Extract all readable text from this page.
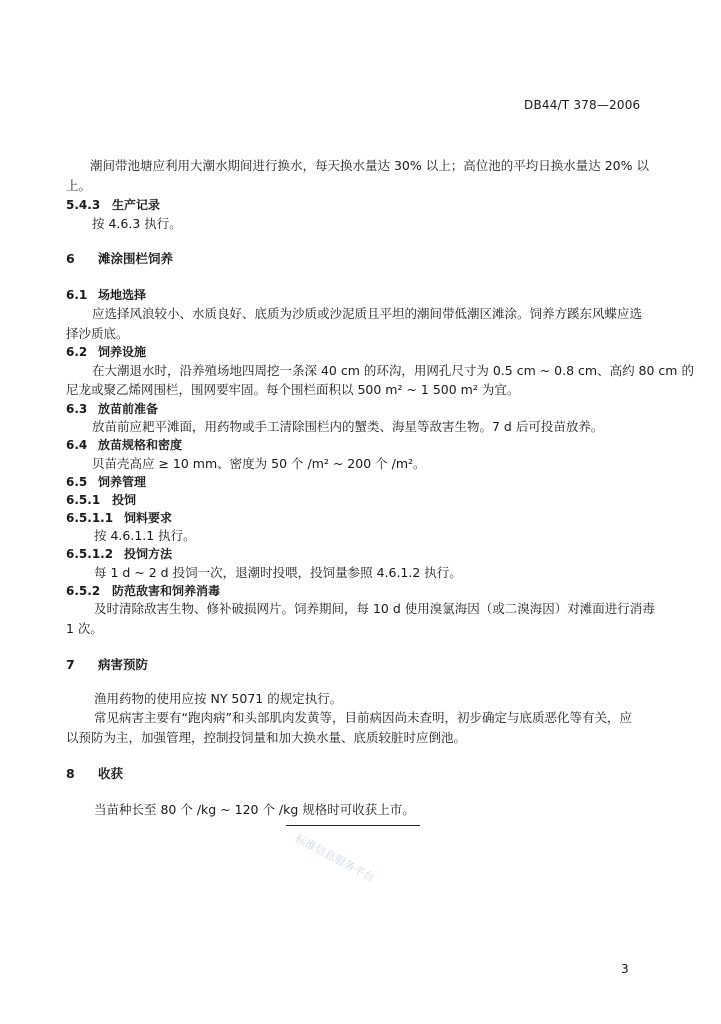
DB44/T 378—2006
潮间带池塘应利用大潮水期间进行换水，每天换水量达 30% 以上；高位池的平均日换水量达 20% 以
上。
5.4.3 生产记录
按 4.6.3 执行。
6 滩涂围栏饲养
6.1 场地选择
应选择风浪较小、水质良好、底质为沙质或沙泥质且平坦的潮间带低潮区滩涂。饲养方蹊东风蝶应选
择沙质底。
6.2 饲养设施
在大潮退水时，沿养殖场地四周挖一条深 40 cm 的环沟，用网孔尺寸为 0.5 cm ~ 0.8 cm、高约 80 cm 的
尼龙或聚乙烯网围栏，围网要牢固。每个围栏面积以 500 m² ~ 1 500 m² 为宜。
6.3 放苗前准备
放苗前应耙平滩面，用药物或手工清除围栏内的蟹类、海星等敌害生物。7 d 后可投苗放养。
6.4 放苗规格和密度
贝苗壳高应 ≥ 10 mm、密度为 50 个 /m² ~ 200 个 /m²。
6.5 饲养管理
6.5.1 投饲
6.5.1.1 饲料要求
按 4.6.1.1 执行。
6.5.1.2 投饲方法
每 1 d ~ 2 d 投饲一次，退潮时投喂，投饲量参照 4.6.1.2 执行。
6.5.2 防范敌害和饲养消毒
及时清除敌害生物、修补破损网片。饲养期间，每 10 d 使用溴氯海因（或二溴海因）对滩面进行消毒
1 次。
7 病害预防
渔用药物的使用应按 NY 5071 的规定执行。
常见病害主要有“跑肉病”和头部肌肉发黄等，目前病因尚未查明，初步确定与底质恶化等有关，应
以预防为主，加强管理，控制投饲量和加大换水量、底质较脏时应倒池。
8 收获
当苗种长至 80 个 /kg ~ 120 个 /kg 规格时可收获上市。
标准信息服务平台
3
